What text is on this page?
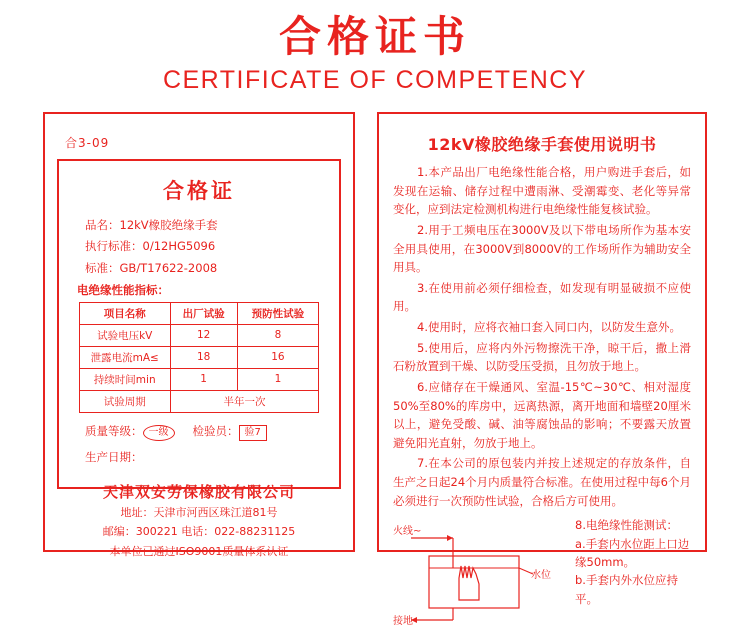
合格证书
CERTIFICATE OF COMPETENCY
合3-09
合格证
品名：12kV橡胶绝缘手套
执行标准：0/12HG5096
标准：GB/T17622-2008
电绝缘性能指标：
项目名称	出厂试验	预防性试验
试验电压kV	12	8
泄露电流mA≤	18	16
持续时间min	1	1
试验周期	半年一次	
质量等级： 一级	检验员： 验7
生产日期：
天津双安劳保橡胶有限公司
地址：天津市河西区珠江道81号
邮编：300221 电话：022-88231125
本单位已通过ISO9001质量体系认证
12kV橡胶绝缘手套使用说明书
1.本产品出厂电绝缘性能合格，用户购进手套后，如发现在运输、储存过程中遭雨淋、受潮霉变、老化等异常变化，应到法定检测机构进行电绝缘性能复核试验。
2.用于工频电压在3000V及以下带电场所作为基本安全用具使用，在3000V到8000V的工作场所作为辅助安全用具。
3.在使用前必须仔细检查，如发现有明显破损不应使用。
4.使用时，应将衣袖口套入同口内，以防发生意外。
5.使用后，应将内外污物擦洗干净，晾干后，撒上滑石粉放置到干燥、以防受压受损，且勿放于地上。
6.应储存在干燥通风、室温-15℃~30℃、相对湿度50%至80%的库房中，远离热源，离开地面和墙壁20厘米以上，避免受酸、碱、油等腐蚀品的影响；不要露天放置避免阳光直射，勿放于地上。
7.在本公司的原包装内并按上述规定的存放条件，自生产之日起24个月内质量符合标准。在使用过程中每6个月必须进行一次预防性试验，合格后方可使用。
火线~
水位
接地
8.电绝缘性能测试：
a.手套内水位距上口边缘50mm。
b.手套内外水位应持平。
